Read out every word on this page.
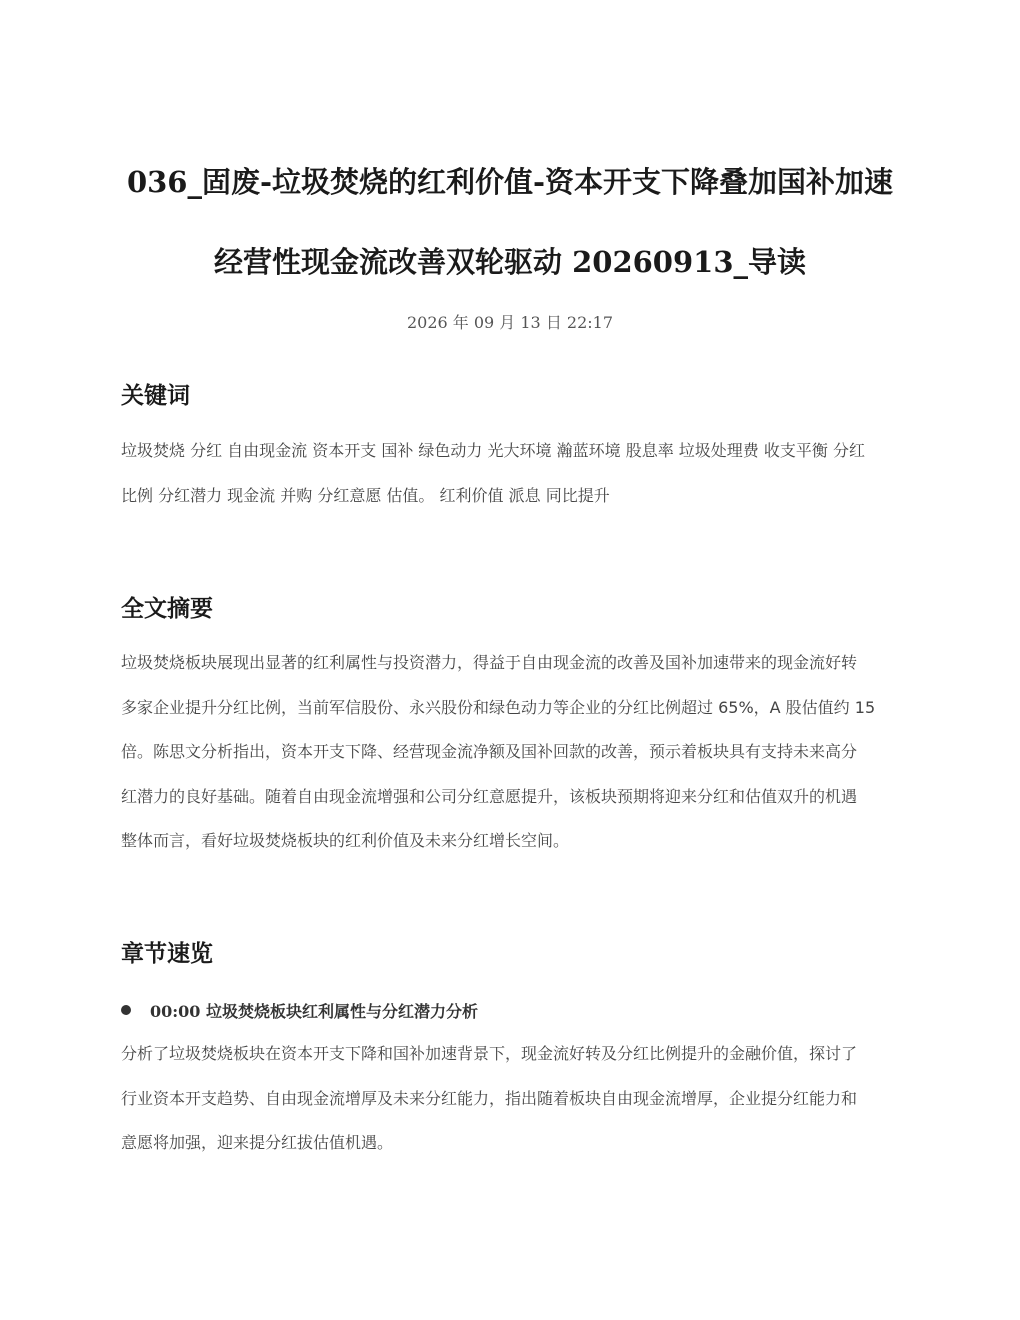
036_固废-垃圾焚烧的红利价值-资本开支下降叠加国补加速
经营性现金流改善双轮驱动 20260913_导读
2026 年 09 月 13 日 22:17
关键词
垃圾焚烧 分红 自由现金流 资本开支 国补 绿色动力 光大环境 瀚蓝环境 股息率 垃圾处理费 收支平衡 分红
比例 分红潜力 现金流 并购 分红意愿 估值。 红利价值 派息 同比提升
全文摘要
垃圾焚烧板块展现出显著的红利属性与投资潜力，得益于自由现金流的改善及国补加速带来的现金流好转
多家企业提升分红比例，当前军信股份、永兴股份和绿色动力等企业的分红比例超过 65%，A 股估值约 15
倍。陈思文分析指出，资本开支下降、经营现金流净额及国补回款的改善，预示着板块具有支持未来高分
红潜力的良好基础。随着自由现金流增强和公司分红意愿提升，该板块预期将迎来分红和估值双升的机遇
整体而言，看好垃圾焚烧板块的红利价值及未来分红增长空间。
章节速览
00:00 垃圾焚烧板块红利属性与分红潜力分析
分析了垃圾焚烧板块在资本开支下降和国补加速背景下，现金流好转及分红比例提升的金融价值，探讨了
行业资本开支趋势、自由现金流增厚及未来分红能力，指出随着板块自由现金流增厚，企业提分红能力和
意愿将加强，迎来提分红拔估值机遇。
